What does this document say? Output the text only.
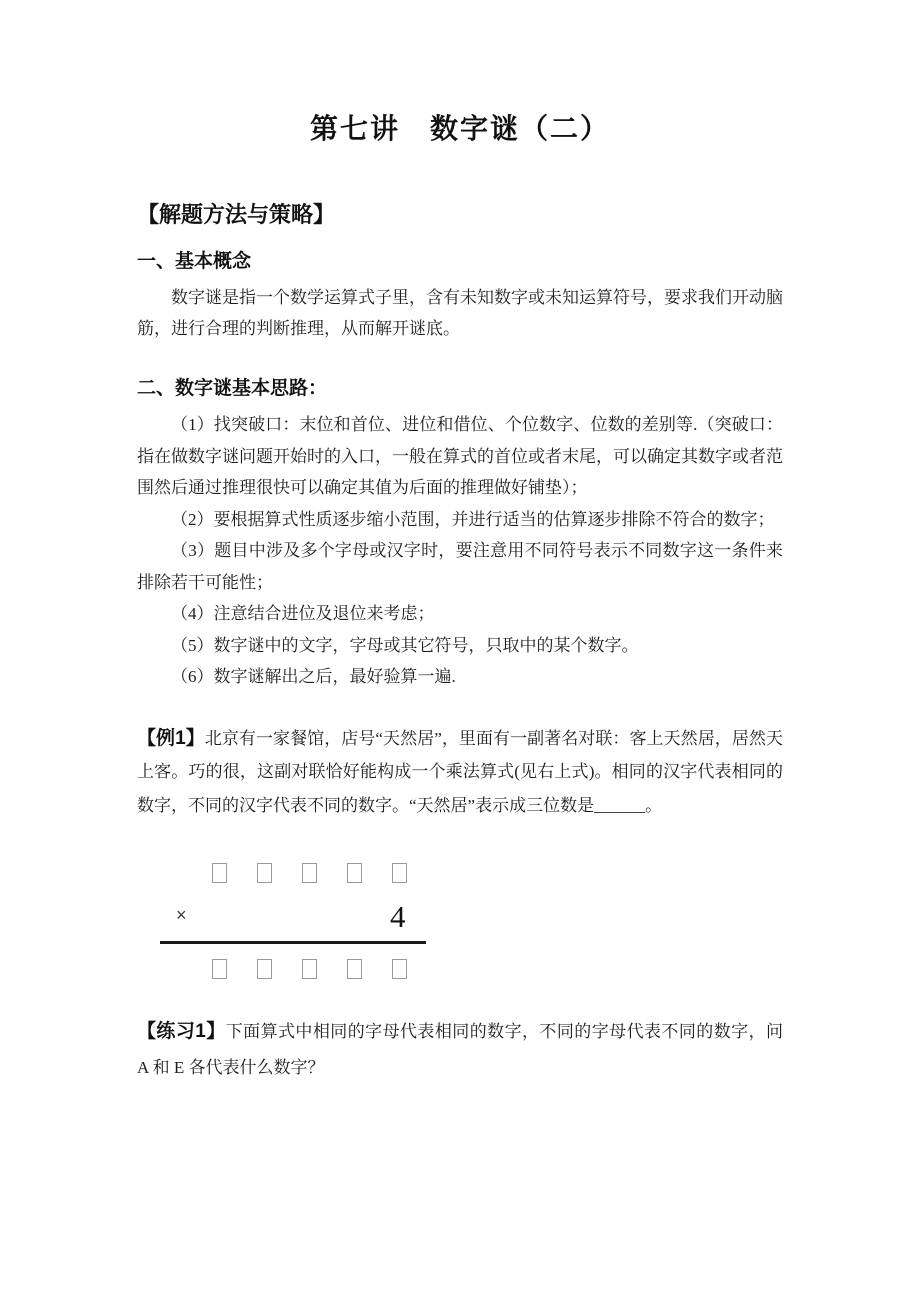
第七讲　数字谜（二）
【解题方法与策略】
一、基本概念

数字谜是指一个数学运算式子里，含有未知数字或未知运算符号，要求我们开动脑筋，进行合理的判断推理，从而解开谜底。

二、数字谜基本思路：

（1）找突破口：末位和首位、进位和借位、个位数字、位数的差别等.（突破口：指在做数字谜问题开始时的入口，一般在算式的首位或者末尾，可以确定其数字或者范围然后通过推理很快可以确定其值为后面的推理做好铺垫）；

（2）要根据算式性质逐步缩小范围，并进行适当的估算逐步排除不符合的数字；

（3）题目中涉及多个字母或汉字时，要注意用不同符号表示不同数字这一条件来排除若干可能性；

（4）注意结合进位及退位来考虑；

（5）数字谜中的文字，字母或其它符号，只取中的某个数字。

（6）数字谜解出之后，最好验算一遍.

【例1】北京有一家餐馆，店号“天然居”，里面有一副著名对联：客上天然居，居然天上客。巧的很，这副对联恰好能构成一个乘法算式(见右上式)。相同的汉字代表相同的数字，不同的汉字代表不同的数字。“天然居”表示成三位数是______。

×	4

【练习1】下面算式中相同的字母代表相同的数字，不同的字母代表不同的数字，问 A 和 E 各代表什么数字？
